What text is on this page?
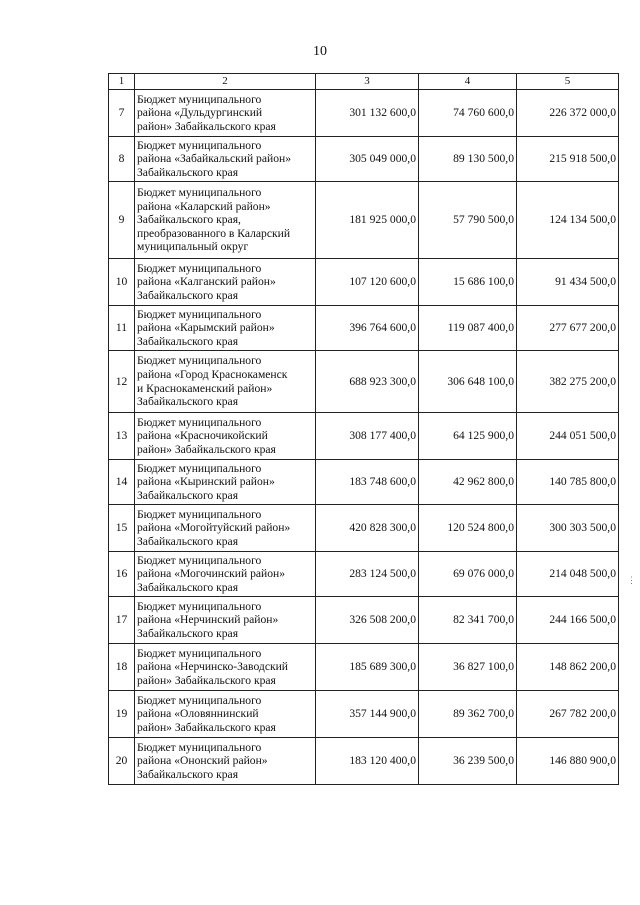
10
1	2	3	4	5
7	Бюджет муниципального
района «Дульдургинский
район» Забайкальского края	301 132 600,0	74 760 600,0	226 372 000,0
8	Бюджет муниципального
района «Забайкальский район»
Забайкальского края	305 049 000,0	89 130 500,0	215 918 500,0
9	Бюджет муниципального
района «Каларский район»
Забайкальского края,
преобразованного в Каларский
муниципальный округ	181 925 000,0	57 790 500,0	124 134 500,0
10	Бюджет муниципального
района «Калганский район»
Забайкальского края	107 120 600,0	15 686 100,0	91 434 500,0
11	Бюджет муниципального
района «Карымский район»
Забайкальского края	396 764 600,0	119 087 400,0	277 677 200,0
12	Бюджет муниципального
района «Город Краснокаменск
и Краснокаменский район»
Забайкальского края	688 923 300,0	306 648 100,0	382 275 200,0
13	Бюджет муниципального
района «Красночикойский
район» Забайкальского края	308 177 400,0	64 125 900,0	244 051 500,0
14	Бюджет муниципального
района «Кыринский район»
Забайкальского края	183 748 600,0	42 962 800,0	140 785 800,0
15	Бюджет муниципального
района «Могойтуйский район»
Забайкальского края	420 828 300,0	120 524 800,0	300 303 500,0
16	Бюджет муниципального
района «Могочинский район»
Забайкальского края	283 124 500,0	69 076 000,0	214 048 500,0
17	Бюджет муниципального
района «Нерчинский район»
Забайкальского края	326 508 200,0	82 341 700,0	244 166 500,0
18	Бюджет муниципального
района «Нерчинско-Заводский
район» Забайкальского края	185 689 300,0	36 827 100,0	148 862 200,0
19	Бюджет муниципального
района «Оловяннинский
район» Забайкальского края	357 144 900,0	89 362 700,0	267 782 200,0
20	Бюджет муниципального
района «Ононский район»
Забайкальского края	183 120 400,0	36 239 500,0	146 880 900,0
⋮
